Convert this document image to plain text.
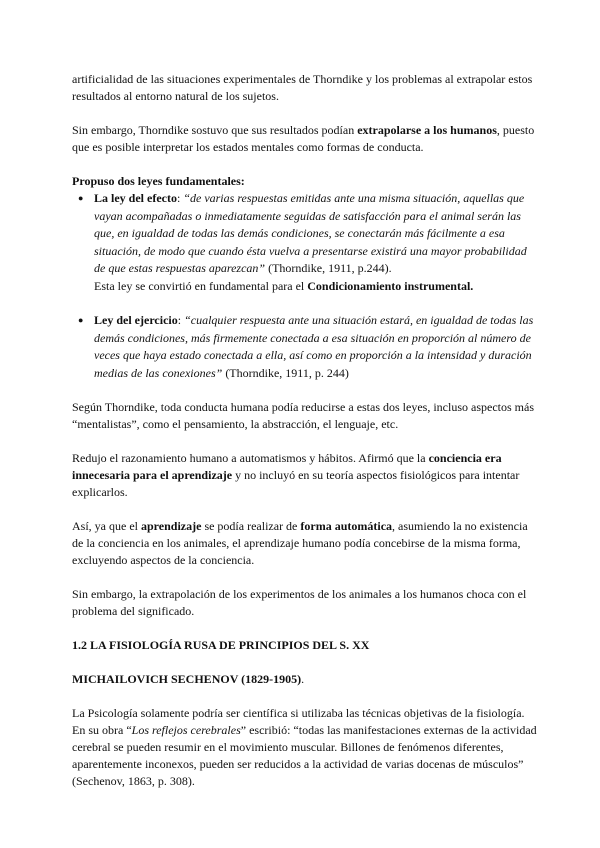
artificialidad de las situaciones experimentales de Thorndike y los problemas al extrapolar estos resultados al entorno natural de los sujetos.

Sin embargo, Thorndike sostuvo que sus resultados podían extrapolarse a los humanos, puesto que es posible interpretar los estados mentales como formas de conducta.

Propuso dos leyes fundamentales:

● La ley del efecto: “de varias respuestas emitidas ante una misma situación, aquellas que vayan acompañadas o inmediatamente seguidas de satisfacción para el animal serán las que, en igualdad de todas las demás condiciones, se conectarán más fácilmente a esa situación, de modo que cuando ésta vuelva a presentarse existirá una mayor probabilidad de que estas respuestas aparezcan” (Thorndike, 1911, p.244).
Esta ley se convirtió en fundamental para el Condicionamiento instrumental.
● Ley del ejercicio: “cualquier respuesta ante una situación estará, en igualdad de todas las demás condiciones, más firmemente conectada a esa situación en proporción al número de veces que haya estado conectada a ella, así como en proporción a la intensidad y duración medias de las conexiones” (Thorndike, 1911, p. 244)

Según Thorndike, toda conducta humana podía reducirse a estas dos leyes, incluso aspectos más “mentalistas”, como el pensamiento, la abstracción, el lenguaje, etc.

Redujo el razonamiento humano a automatismos y hábitos. Afirmó que la conciencia era innecesaria para el aprendizaje y no incluyó en su teoría aspectos fisiológicos para intentar explicarlos.

Así, ya que el aprendizaje se podía realizar de forma automática, asumiendo la no existencia de la conciencia en los animales, el aprendizaje humano podía concebirse de la misma forma, excluyendo aspectos de la conciencia.

Sin embargo, la extrapolación de los experimentos de los animales a los humanos choca con el problema del significado.

1.2 LA FISIOLOGÍA RUSA DE PRINCIPIOS DEL S. XX

MICHAILOVICH SECHENOV (1829-1905).

La Psicología solamente podría ser científica si utilizaba las técnicas objetivas de la fisiología.

En su obra “Los reflejos cerebrales” escribió: “todas las manifestaciones externas de la actividad cerebral se pueden resumir en el movimiento muscular. Billones de fenómenos diferentes, aparentemente inconexos, pueden ser reducidos a la actividad de varias docenas de músculos” (Sechenov, 1863, p. 308).
